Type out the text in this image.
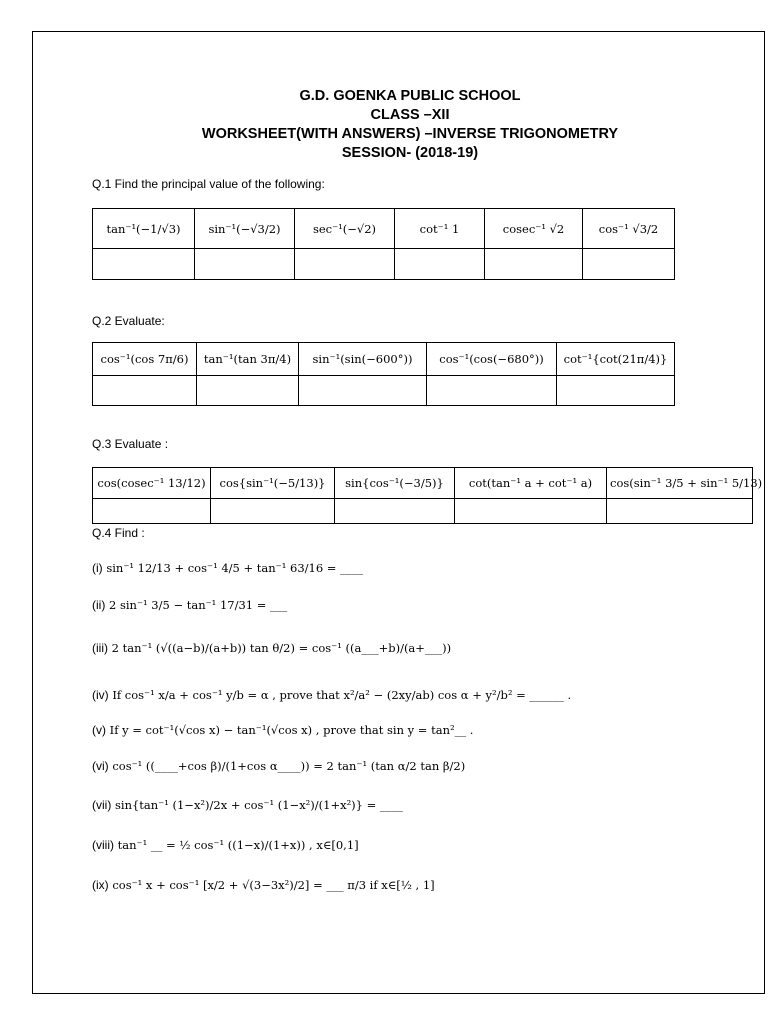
G.D. GOENKA PUBLIC SCHOOL
CLASS –XII
WORKSHEET(WITH ANSWERS) –INVERSE TRIGONOMETRY
SESSION- (2018-19)
Q.1 Find the principal value of the following:
tan⁻¹(−1/√3)	sin⁻¹(−√3/2)	sec⁻¹(−√2)	cot⁻¹ 1	cosec⁻¹ √2	cos⁻¹ √3/2

Q.2 Evaluate:
cos⁻¹(cos 7π/6)	tan⁻¹(tan 3π/4)	sin⁻¹(sin(−600°))	cos⁻¹(cos(−680°))	cot⁻¹{cot(21π/4)}

Q.3 Evaluate :
cos(cosec⁻¹ 13/12)	cos{sin⁻¹(−5/13)}	sin{cos⁻¹(−3/5)}	cot(tan⁻¹ a + cot⁻¹ a)	cos(sin⁻¹ 3/5 + sin⁻¹ 5/13)

Q.4 Find :
(i) sin⁻¹ 12/13 + cos⁻¹ 4/5 + tan⁻¹ 63/16 = ____
(ii) 2 sin⁻¹ 3/5 − tan⁻¹ 17/31 = ___
(iii) 2 tan⁻¹ (√((a−b)/(a+b)) tan θ/2) = cos⁻¹ ((a___+b)/(a+___))
(iv) If cos⁻¹ x/a + cos⁻¹ y/b = α , prove that x²/a² − (2xy/ab) cos α + y²/b² = ______ .
(v) If y = cot⁻¹(√cos x) − tan⁻¹(√cos x) , prove that sin y = tan²__ .
(vi) cos⁻¹ ((____+cos β)/(1+cos α____)) = 2 tan⁻¹ (tan α/2 tan β/2)
(vii) sin{tan⁻¹ (1−x²)/2x + cos⁻¹ (1−x²)/(1+x²)} = ____
(viii) tan⁻¹ __ = ½ cos⁻¹ ((1−x)/(1+x)) , x∈[0,1]
(ix) cos⁻¹ x + cos⁻¹ [x/2 + √(3−3x²)/2] = ___ π/3 if x∈[½ , 1]
